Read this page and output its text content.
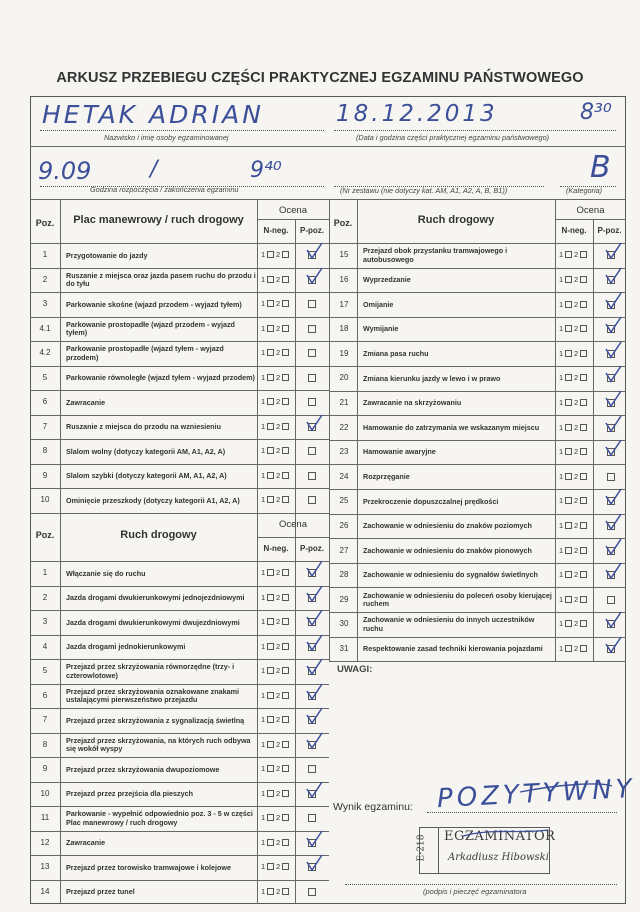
ARKUSZ PRZEBIEGU CZĘŚCI PRAKTYCZNEJ EGZAMINU PAŃSTWOWEGO
HETAK ADRIAN
Nazwisko i imię osoby egzaminowanej
18.12.2013	8³⁰
(Data i godzina części praktycznej egzaminu państwowego)
9.09	/	9⁴⁰
Godzina rozpoczęcia / zakończenia egzaminu	(Nr zestawu (nie dotyczy kat. AM, A1, A2, A, B, B1))
B
(Kategoria)
Poz.	Plac manewrowy / ruch drogowy
Ocena
N-neg.	P-poz.
Poz.	Ruch drogowy
Ocena
N-neg.	P-poz.
Poz.	Ruch drogowy
Ocena
N-neg.	P-poz.
1	Przygotowanie do jazdy	1 2
2	Ruszanie z miejsca oraz jazda pasem ruchu do przodu i do tyłu	1 2
3	Parkowanie skośne (wjazd przodem - wyjazd tyłem)	1 2
4.1	Parkowanie prostopadłe (wjazd przodem - wyjazd tyłem)	1 2
4.2	Parkowanie prostopadłe (wjazd tyłem - wyjazd przodem)	1 2
5	Parkowanie równoległe (wjazd tyłem - wyjazd przodem) 1 2
6	Zawracanie	1 2
7	Ruszanie z miejsca do przodu na wzniesieniu	1 2
8	Slalom wolny (dotyczy kategorii AM, A1, A2, A)	1 2
9	Slalom szybki (dotyczy kategorii AM, A1, A2, A)	1 2
10	Ominięcie przeszkody (dotyczy kategorii A1, A2, A)	1 2
1	Włączanie się do ruchu	1 2
2	Jazda drogami dwukierunkowymi jednojezdniowymi	1 2
3	Jazda drogami dwukierunkowymi dwujezdniowymi	1 2
4	Jazda drogami jednokierunkowymi	1 2
5	Przejazd przez skrzyżowania równorzędne (trzy- i czterowlotowe)	1 2
6	Przejazd przez skrzyżowania oznakowane znakami ustalającymi pierwszeństwo przejazdu	1 2
7	Przejazd przez skrzyżowania z sygnalizacją świetlną	1 2
8	Przejazd przez skrzyżowania, na których ruch odbywa się wokół wyspy	1 2
9	Przejazd przez skrzyżowania dwupoziomowe	1 2
10	Przejazd przez przejścia dla pieszych	1 2
11	Parkowanie - wypełnić odpowiednio poz. 3 - 5 w części Plac manewrowy / ruch drogowy	1 2
12	Zawracanie	1 2
13	Przejazd przez torowisko tramwajowe i kolejowe	1 2
14	Przejazd przez tunel	1 2
15	Przejazd obok przystanku tramwajowego i autobusowego	1 2
16	Wyprzedzanie	1 2
17	Omijanie	1 2
18	Wymijanie	1 2
19	Zmiana pasa ruchu	1 2
20	Zmiana kierunku jazdy w lewo i w prawo	1 2
21	Zawracanie na skrzyżowaniu	1 2
22	Hamowanie do zatrzymania we wskazanym miejscu	1 2
23	Hamowanie awaryjne	1 2
24	Rozprzęganie	1 2
25	Przekroczenie dopuszczalnej prędkości	1 2
26	Zachowanie w odniesieniu do znaków poziomych	1 2
27	Zachowanie w odniesieniu do znaków pionowych	1 2
28	Zachowanie w odniesieniu do sygnałów świetlnych	1 2
29	Zachowanie w odniesieniu do poleceń osoby kierującej ruchem	1 2
30	Zachowanie w odniesieniu do innych uczestników ruchu	1 2
31	Respektowanie zasad techniki kierowania pojazdami	1 2
UWAGI:
Wynik egzaminu: POZYTYWNY
E-218 EGZAMINATOR
Arkadiusz Hibowski
(podpis i pieczęć egzaminatora
